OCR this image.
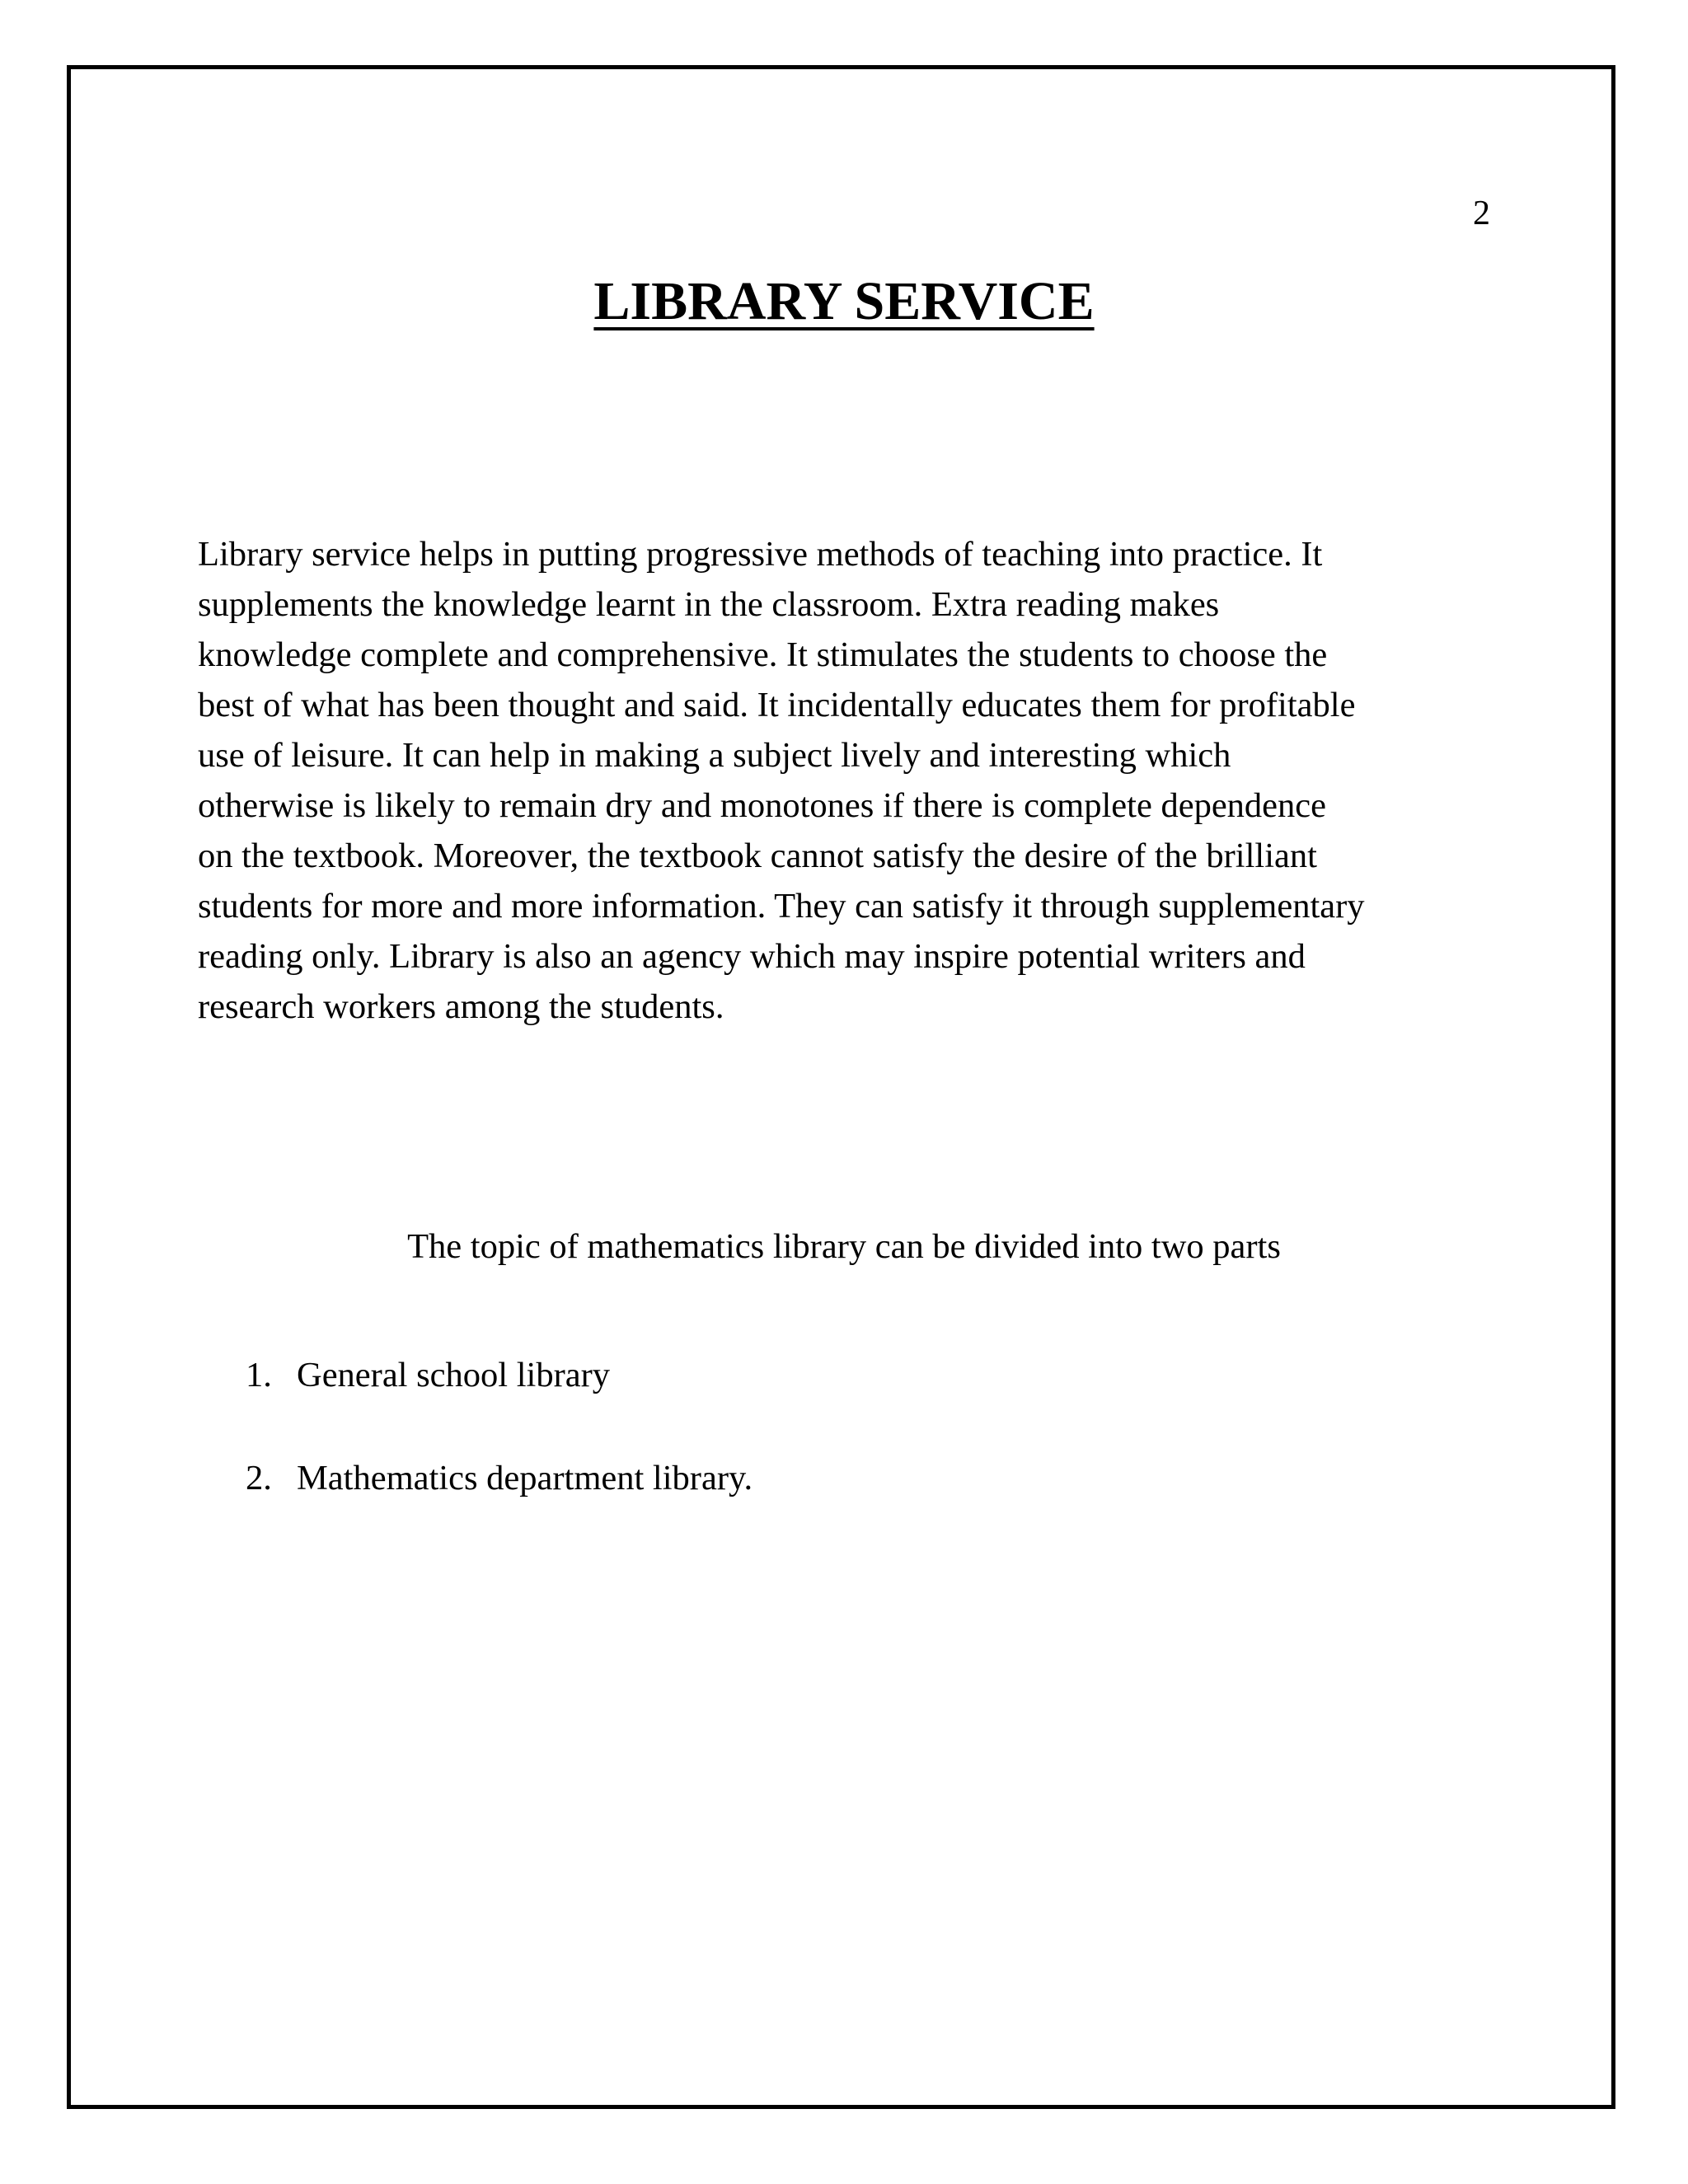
2
LIBRARY SERVICE

Library service helps in putting progressive methods of teaching into practice. It
supplements the knowledge learnt in the classroom. Extra reading makes
knowledge complete and comprehensive. It stimulates the students to choose the
best of what has been thought and said. It incidentally educates them for profitable
use of leisure. It can help in making a subject lively and interesting which
otherwise is likely to remain dry and monotones if there is complete dependence
on the textbook. Moreover, the textbook cannot satisfy the desire of the brilliant
students for more and more information. They can satisfy it through supplementary
reading only. Library is also an agency which may inspire potential writers and
research workers among the students.

The topic of mathematics library can be divided into two parts
1. General school library
2. Mathematics department library.
